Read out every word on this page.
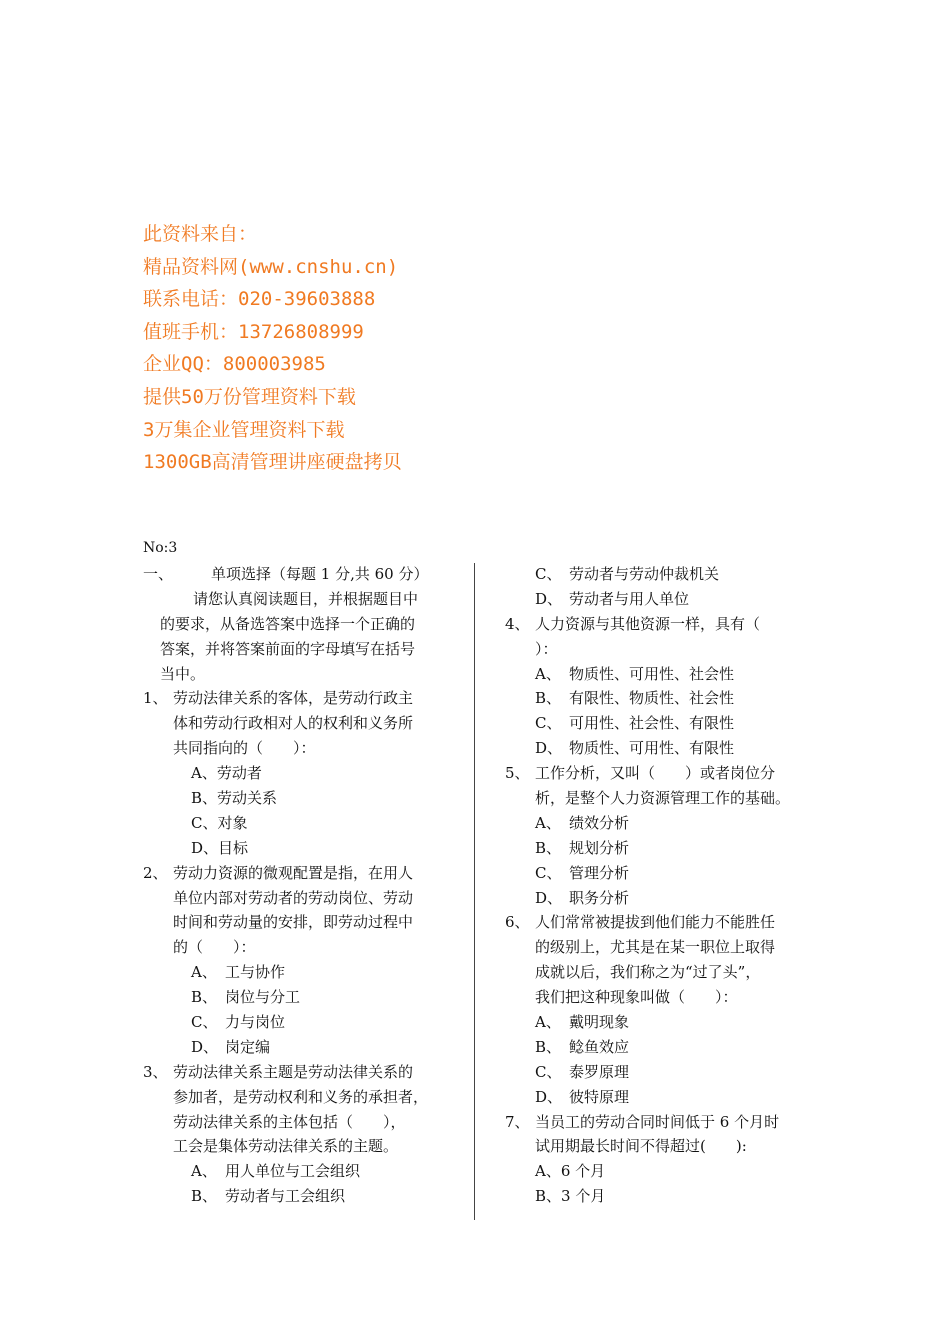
此资料来自：
精品资料网(www.cnshu.cn)
联系电话：020-39603888
值班手机：13726808999
企业QQ：800003985
提供50万份管理资料下载
3万集企业管理资料下载
1300GB高清管理讲座硬盘拷贝
No:3
一、	单项选择（每题 1 分,共 60 分）
请您认真阅读题目，并根据题目中
的要求，从备选答案中选择一个正确的
答案，并将答案前面的字母填写在括号
当中。
1、 劳动法律关系的客体，是劳动行政主
体和劳动行政相对人的权利和义务所
共同指向的（　　）：
A、劳动者
B、劳动关系
C、对象
D、目标
2、 劳动力资源的微观配置是指，在用人
单位内部对劳动者的劳动岗位、劳动
时间和劳动量的安排，即劳动过程中
的（　　）：
A、 工与协作
B、 岗位与分工
C、 力与岗位
D、 岗定编
3、 劳动法律关系主题是劳动法律关系的
参加者，是劳动权利和义务的承担者，
劳动法律关系的主体包括（　　），
工会是集体劳动法律关系的主题。
A、 用人单位与工会组织
B、 劳动者与工会组织
C、 劳动者与劳动仲裁机关
D、 劳动者与用人单位
4、 人力资源与其他资源一样，具有（
）：
A、 物质性、可用性、社会性
B、 有限性、物质性、社会性
C、 可用性、社会性、有限性
D、 物质性、可用性、有限性
5、 工作分析，又叫（　　）或者岗位分
析，是整个人力资源管理工作的基础。
A、 绩效分析
B、 规划分析
C、 管理分析
D、 职务分析
6、 人们常常被提拔到他们能力不能胜任
的级别上，尤其是在某一职位上取得
成就以后，我们称之为“过了头”，
我们把这种现象叫做（　　）：
A、 戴明现象
B、 鲶鱼效应
C、 泰罗原理
D、 彼特原理
7、 当员工的劳动合同时间低于 6 个月时
试用期最长时间不得超过(　　):
A、6 个月
B、3 个月
